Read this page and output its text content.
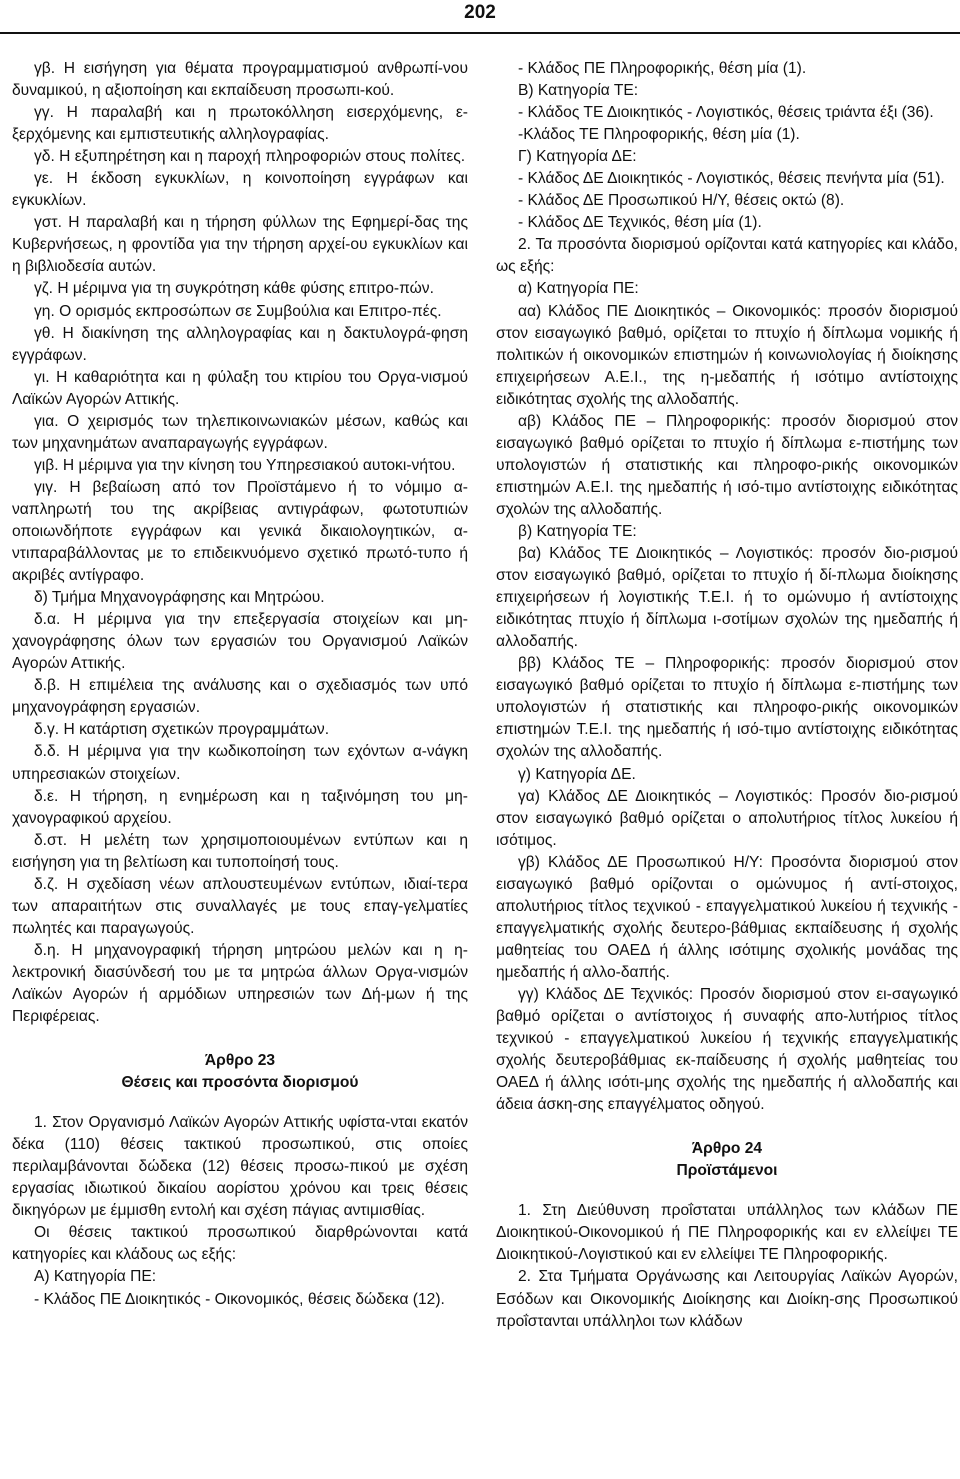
202

γβ. Η εισήγηση για θέματα προγραμματισμού ανθρωπί-νου δυναμικού, η αξιοποίηση και εκπαίδευση προσωπι-κού.

γγ. Η παραλαβή και η πρωτοκόλληση εισερχόμενης, ε-ξερχόμενης και εμπιστευτικής αλληλογραφίας.

γδ. Η εξυπηρέτηση και η παροχή πληροφοριών στους πολίτες.

γε. Η έκδοση εγκυκλίων, η κοινοποίηση εγγράφων και εγκυκλίων.

γστ. Η παραλαβή και η τήρηση φύλλων της Εφημερί-δας της Κυβερνήσεως, η φροντίδα για την τήρηση αρχεί-ου εγκυκλίων και η βιβλιοδεσία αυτών.

γζ. Η μέριμνα για τη συγκρότηση κάθε φύσης επιτρο-πών.

γη. Ο ορισμός εκπροσώπων σε Συμβούλια και Επιτρο-πές.

γθ. Η διακίνηση της αλληλογραφίας και η δακτυλογρά-φηση εγγράφων.

γι. Η καθαριότητα και η φύλαξη του κτιρίου του Οργα-νισμού Λαϊκών Αγορών Αττικής.

για. Ο χειρισμός των τηλεπικοινωνιακών μέσων, καθώς και των μηχανημάτων αναπαραγωγής εγγράφων.

γιβ. Η μέριμνα για την κίνηση του Υπηρεσιακού αυτοκι-νήτου.

γιγ. Η βεβαίωση από τον Προϊστάμενο ή το νόμιμο α-ναπληρωτή του της ακρίβειας αντιγράφων, φωτοτυπιών οποιωνδήποτε εγγράφων και γενικά δικαιολογητικών, α-ντιπαραβάλλοντας με το επιδεικνυόμενο σχετικό πρωτό-τυπο ή ακριβές αντίγραφο.

δ) Τμήμα Μηχανογράφησης και Μητρώου.

δ.α. Η μέριμνα για την επεξεργασία στοιχείων και μη-χανογράφησης όλων των εργασιών του Οργανισμού Λαϊκών Αγορών Αττικής.

δ.β. Η επιμέλεια της ανάλυσης και ο σχεδιασμός των υπό μηχανογράφηση εργασιών.

δ.γ. Η κατάρτιση σχετικών προγραμμάτων.

δ.δ. Η μέριμνα για την κωδικοποίηση των εχόντων α-νάγκη υπηρεσιακών στοιχείων.

δ.ε. Η τήρηση, η ενημέρωση και η ταξινόμηση του μη-χανογραφικού αρχείου.

δ.στ. Η μελέτη των χρησιμοποιουμένων εντύπων και η εισήγηση για τη βελτίωση και τυποποίησή τους.

δ.ζ. Η σχεδίαση νέων απλουστευμένων εντύπων, ιδιαί-τερα των απαραιτήτων στις συναλλαγές με τους επαγ-γελματίες πωλητές και παραγωγούς.

δ.η. Η μηχανογραφική τήρηση μητρώου μελών και η η-λεκτρονική διασύνδεσή του με τα μητρώα άλλων Οργα-νισμών Λαϊκών Αγορών ή αρμόδιων υπηρεσιών των Δή-μων ή της Περιφέρειας.

Άρθρο 23

Θέσεις και προσόντα διορισμού

1. Στον Οργανισμό Λαϊκών Αγορών Αττικής υφίστα-νται εκατόν δέκα (110) θέσεις τακτικού προσωπικού, στις οποίες περιλαμβάνονται δώδεκα (12) θέσεις προσω-πικού με σχέση εργασίας ιδιωτικού δικαίου αορίστου χρόνου και τρεις θέσεις δικηγόρων με έμμισθη εντολή και σχέση πάγιας αντιμισθίας.

Οι θέσεις τακτικού προσωπικού διαρθρώνονται κατά κατηγορίες και κλάδους ως εξής:

Α) Κατηγορία ΠΕ:

- Κλάδος ΠΕ Διοικητικός - Οικονομικός, θέσεις δώδεκα (12).

- Κλάδος ΠΕ Πληροφορικής, θέση μία (1).

Β) Κατηγορία ΤΕ:

- Κλάδος ΤΕ Διοικητικός - Λογιστικός, θέσεις τριάντα έξι (36).

-Κλάδος ΤΕ Πληροφορικής, θέση μία (1).

Γ) Κατηγορία ΔΕ:

- Κλάδος ΔΕ Διοικητικός - Λογιστικός, θέσεις πενήντα μία (51).

- Κλάδος ΔΕ Προσωπικού Η/Υ, θέσεις οκτώ (8).

- Κλάδος ΔΕ Τεχνικός, θέση μία (1).

2. Τα προσόντα διορισμού ορίζονται κατά κατηγορίες και κλάδο, ως εξής:

α) Κατηγορία ΠΕ:

αα) Κλάδος ΠΕ Διοικητικός – Οικονομικός: προσόν διορισμού στον εισαγωγικό βαθμό, ορίζεται το πτυχίο ή δίπλωμα νομικής ή πολιτικών ή οικονομικών επιστημών ή κοινωνιολογίας ή διοίκησης επιχειρήσεων Α.Ε.Ι., της η-μεδαπής ή ισότιμο αντίστοιχης ειδικότητας σχολής της αλλοδαπής.

αβ) Κλάδος ΠΕ – Πληροφορικής: προσόν διορισμού στον εισαγωγικό βαθμό ορίζεται το πτυχίο ή δίπλωμα ε-πιστήμης των υπολογιστών ή στατιστικής και πληροφο-ρικής οικονομικών επιστημών Α.Ε.Ι. της ημεδαπής ή ισό-τιμο αντίστοιχης ειδικότητας σχολών της αλλοδαπής.

β) Κατηγορία ΤΕ:

βα) Κλάδος ΤΕ Διοικητικός – Λογιστικός: προσόν διο-ρισμού στον εισαγωγικό βαθμό, ορίζεται το πτυχίο ή δί-πλωμα διοίκησης επιχειρήσεων ή λογιστικής Τ.Ε.Ι. ή το ομώνυμο ή αντίστοιχης ειδικότητας πτυχίο ή δίπλωμα ι-σοτίμων σχολών της ημεδαπής ή αλλοδαπής.

ββ) Κλάδος ΤΕ – Πληροφορικής: προσόν διορισμού στον εισαγωγικό βαθμό ορίζεται το πτυχίο ή δίπλωμα ε-πιστήμης των υπολογιστών ή στατιστικής και πληροφο-ρικής οικονομικών επιστημών Τ.Ε.Ι. της ημεδαπής ή ισό-τιμο αντίστοιχης ειδικότητας σχολών της αλλοδαπής.

γ) Κατηγορία ΔΕ.

γα) Κλάδος ΔΕ Διοικητικός – Λογιστικός: Προσόν διο-ρισμού στον εισαγωγικό βαθμό ορίζεται ο απολυτήριος τίτλος λυκείου ή ισότιμος.

γβ) Κλάδος ΔΕ Προσωπικού Η/Υ: Προσόντα διορισμού στον εισαγωγικό βαθμό ορίζονται ο ομώνυμος ή αντί-στοιχος, απολυτήριος τίτλος τεχνικού - επαγγελματικού λυκείου ή τεχνικής - επαγγελματικής σχολής δευτερο-βάθμιας εκπαίδευσης ή σχολής μαθητείας του ΟΑΕΔ ή άλλης ισότιμης σχολικής μονάδας της ημεδαπής ή αλλο-δαπής.

γγ) Κλάδος ΔΕ Τεχνικός: Προσόν διορισμού στον ει-σαγωγικό βαθμό ορίζεται ο αντίστοιχος ή συναφής απο-λυτήριος τίτλος τεχνικού - επαγγελματικού λυκείου ή τεχνικής επαγγελματικής σχολής δευτεροβάθμιας εκ-παίδευσης ή σχολής μαθητείας του ΟΑΕΔ ή άλλης ισότι-μης σχολής της ημεδαπής ή αλλοδαπής και άδεια άσκη-σης επαγγέλματος οδηγού.

Άρθρο 24

Προϊστάμενοι

1. Στη Διεύθυνση προΐσταται υπάλληλος των κλάδων ΠΕ Διοικητικού-Οικονομικού ή ΠΕ Πληροφορικής και εν ελλείψει ΤΕ Διοικητικού-Λογιστικού και εν ελλείψει ΤΕ Πληροφορικής.

2. Στα Τμήματα Οργάνωσης και Λειτουργίας Λαϊκών Αγορών, Εσόδων και Οικονομικής Διοίκησης και Διοίκη-σης Προσωπικού προΐστανται υπάλληλοι των κλάδων
